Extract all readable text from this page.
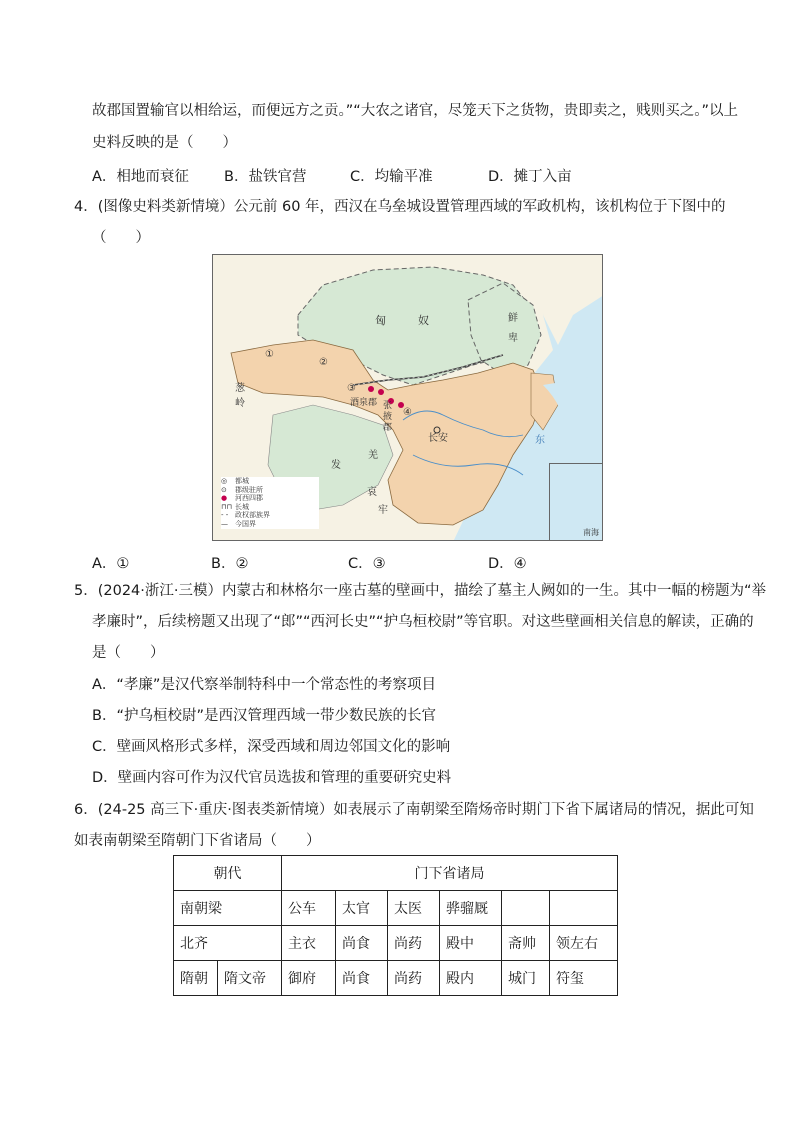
故郡国置输官以相给运，而便远方之贡。”“大农之诸官，尽笼天下之货物，贵即卖之，贱则买之。”以上
史料反映的是（　　）
A．相地而衰征 B．盐铁官营	C．均输平准	D．摊丁入亩
4．(图像史料类新情境）公元前 60 年，西汉在乌垒城设置管理西域的军政机构，该机构位于下图中的
（　　）
匈	奴	鲜
卑
葱
岭	酒泉郡 张
掖
郡
长安
羌
发
哀
牢
东
①
②
③
④
◎ 都城
⊙ 郡级驻所
● 河西四郡
⊓⊓ 长城
- - 政权部族界
— 今国界
南海
A．①	B．②	C．③	D．④
5．(2024·浙江·三模）内蒙古和林格尔一座古墓的壁画中，描绘了墓主人阙如的一生。其中一幅的榜题为“举
孝廉时”，后续榜题又出现了“郎”“西河长史”“护乌桓校尉”等官职。对这些壁画相关信息的解读，正确的
是（　　）
A．“孝廉”是汉代察举制特科中一个常态性的考察项目
B．“护乌桓校尉”是西汉管理西域一带少数民族的长官
C．壁画风格形式多样，深受西域和周边邻国文化的影响
D．壁画内容可作为汉代官员选拔和管理的重要研究史料
6．(24-25 高三下·重庆·图表类新情境）如表展示了南朝梁至隋炀帝时期门下省下属诸局的情况，据此可知
如表南朝梁至隋朝门下省诸局（　　）
朝代		门下省诸局					
南朝梁		公车	太官	太医	骅骝厩		
北齐		主衣	尚食	尚药	殿中	斋帅	领左右
隋朝	隋文帝	御府	尚食	尚药	殿内	城门	符玺
